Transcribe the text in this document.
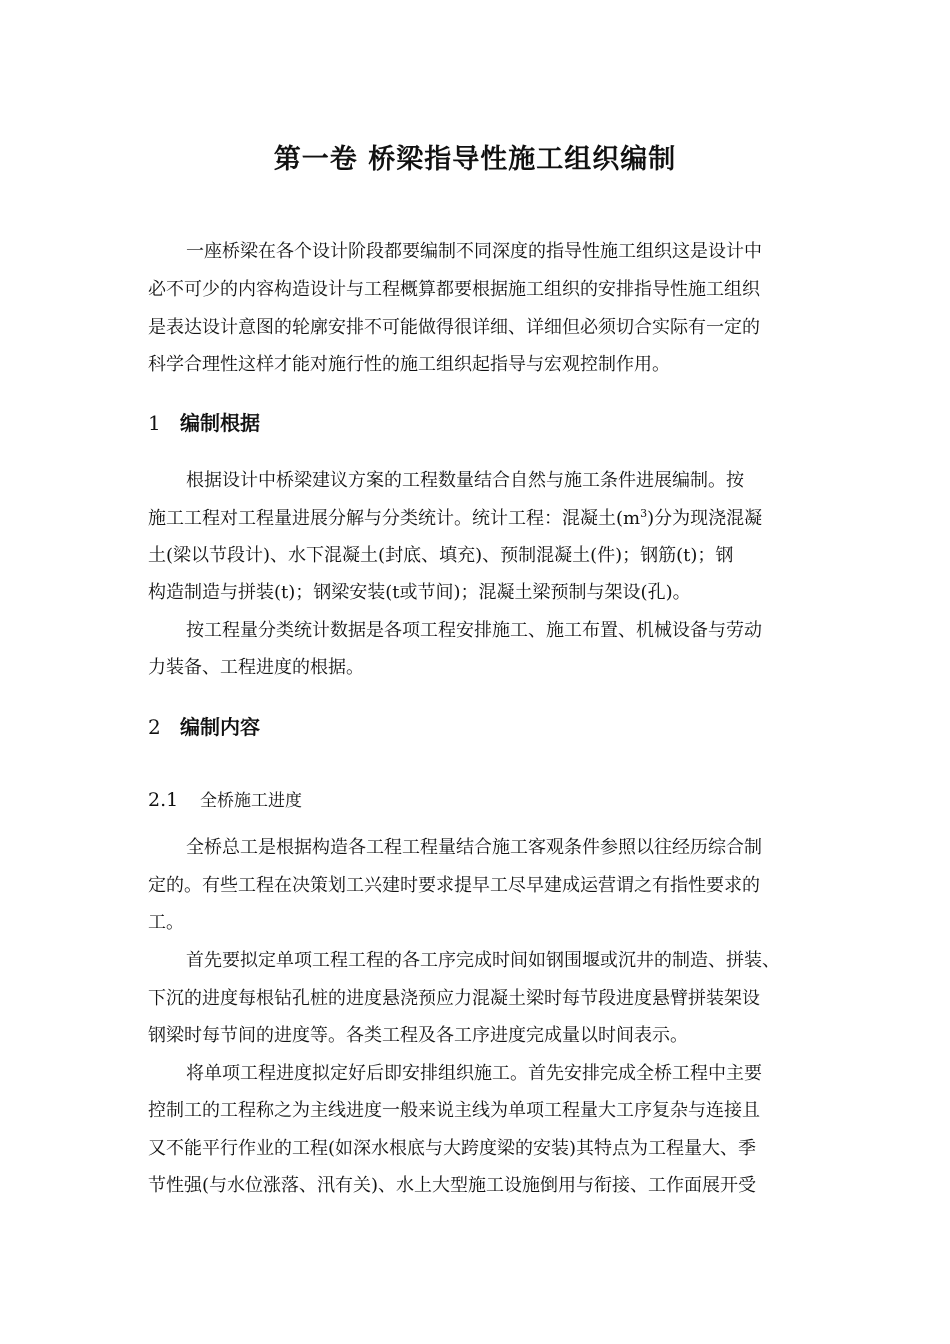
第一卷 桥梁指导性施工组织编制
一座桥梁在各个设计阶段都要编制不同深度的指导性施工组织这是设计中
必不可少的内容构造设计与工程概算都要根据施工组织的安排指导性施工组织
是表达设计意图的轮廓安排不可能做得很详细、详细但必须切合实际有一定的
科学合理性这样才能对施行性的施工组织起指导与宏观控制作用。
1 编制根据
根据设计中桥梁建议方案的工程数量结合自然与施工条件进展编制。按
施工工程对工程量进展分解与分类统计。统计工程：混凝土$(m^3)$分为现浇混凝
土(梁以节段计)、水下混凝土(封底、填充)、预制混凝土(件)；钢筋(t)；钢
构造制造与拼装(t)；钢梁安装(t或节间)；混凝土梁预制与架设(孔)。
按工程量分类统计数据是各项工程安排施工、施工布置、机械设备与劳动
力装备、工程进度的根据。
2 编制内容
2.1 全桥施工进度
全桥总工是根据构造各工程工程量结合施工客观条件参照以往经历综合制
定的。有些工程在决策划工兴建时要求提早工尽早建成运营谓之有指性要求的
工。
首先要拟定单项工程工程的各工序完成时间如钢围堰或沉井的制造、拼装、
下沉的进度每根钻孔桩的进度悬浇预应力混凝土梁时每节段进度悬臂拼装架设
钢梁时每节间的进度等。各类工程及各工序进度完成量以时间表示。
将单项工程进度拟定好后即安排组织施工。首先安排完成全桥工程中主要
控制工的工程称之为主线进度一般来说主线为单项工程量大工序复杂与连接且
又不能平行作业的工程(如深水根底与大跨度梁的安装)其特点为工程量大、季
节性强(与水位涨落、汛有关)、水上大型施工设施倒用与衔接、工作面展开受
